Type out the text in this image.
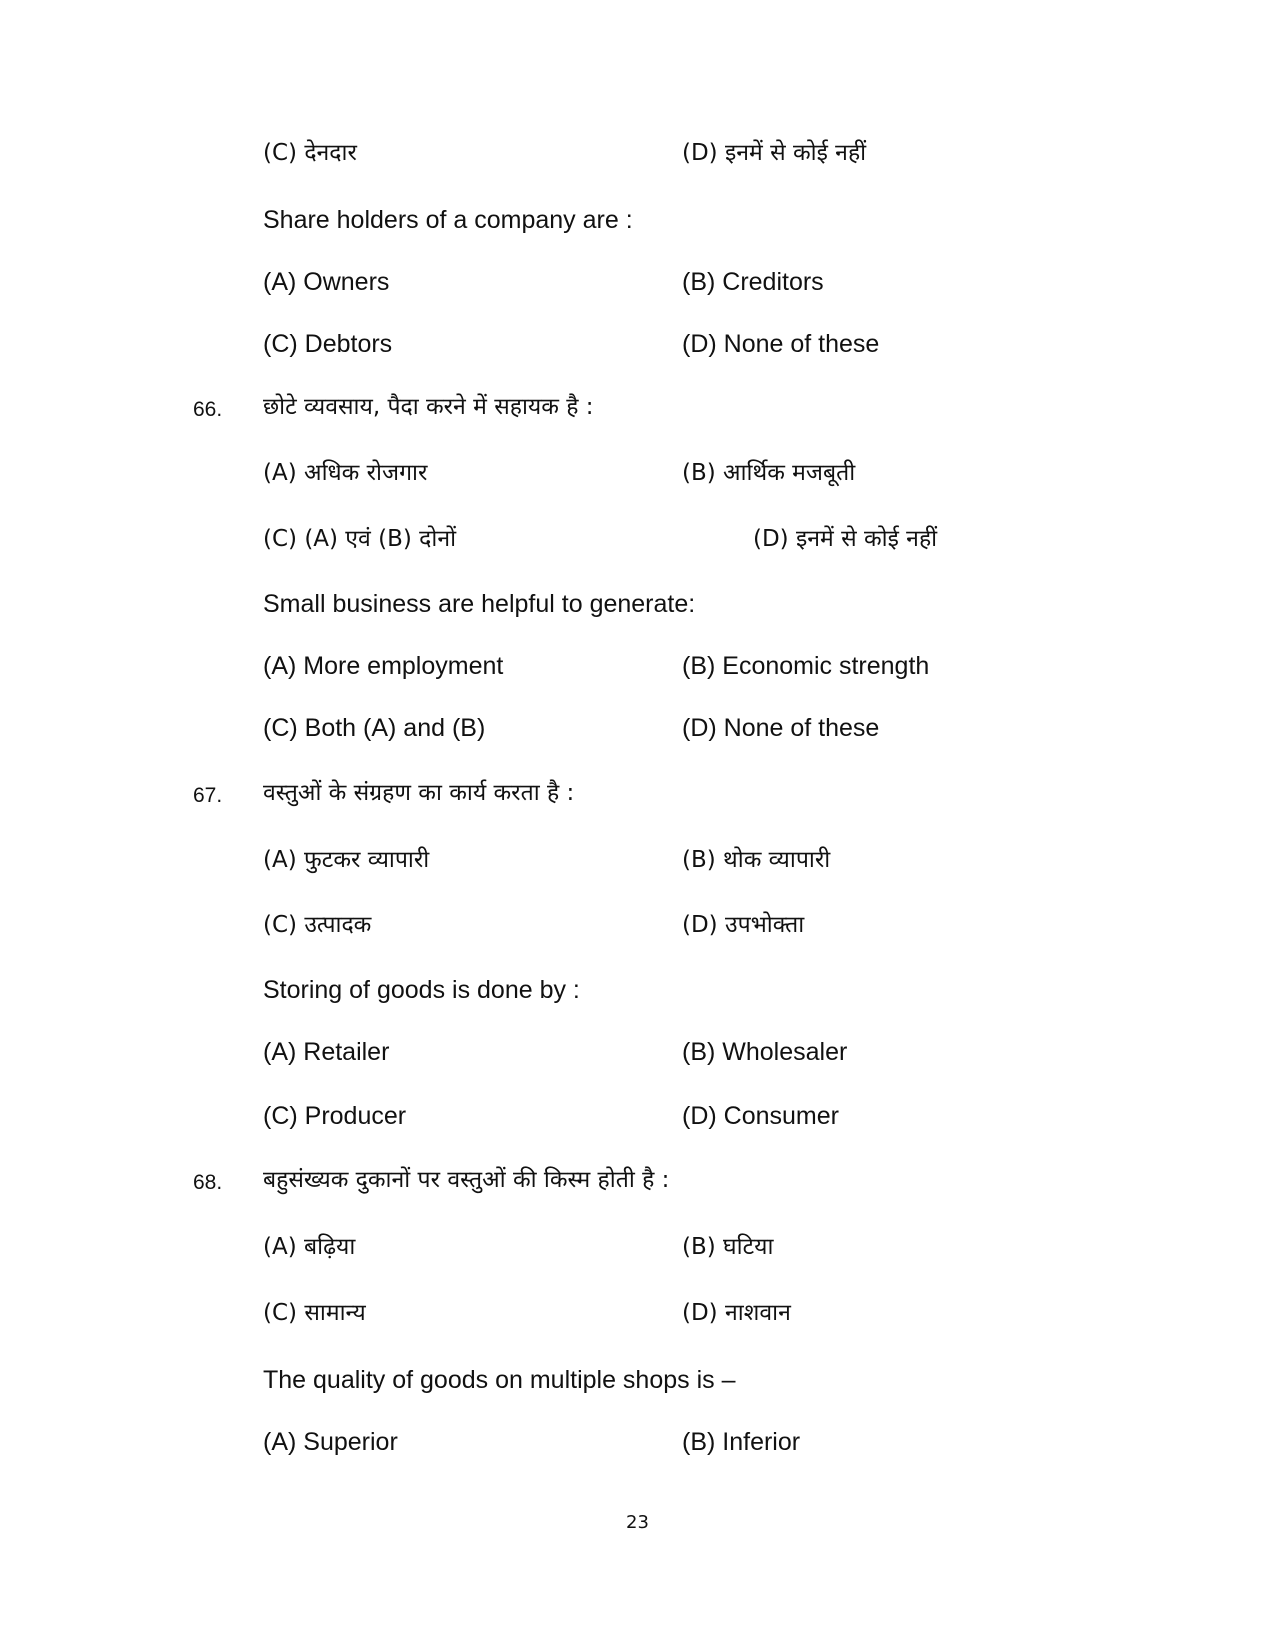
(C) देनदार	(D) इनमें से कोई नहीं
Share holders of a company are :
(A) Owners	(B) Creditors
(C) Debtors	(D) None of these
66. छोटे व्यवसाय, पैदा करने में सहायक है :
(A) अधिक रोजगार	(B) आर्थिक मजबूती
(C) (A) एवं (B) दोनों	(D) इनमें से कोई नहीं
Small business are helpful to generate:
(A) More employment	(B) Economic strength
(C) Both (A) and (B)	(D) None of these
67. वस्तुओं के संग्रहण का कार्य करता है :
(A) फुटकर व्यापारी	(B) थोक व्यापारी
(C) उत्पादक	(D) उपभोक्ता
Storing of goods is done by :
(A) Retailer	(B) Wholesaler
(C) Producer	(D) Consumer
68. बहुसंख्यक दुकानों पर वस्तुओं की किस्म होती है :
(A) बढ़िया	(B) घटिया
(C) सामान्य	(D) नाशवान
The quality of goods on multiple shops is –
(A) Superior	(B) Inferior
23
